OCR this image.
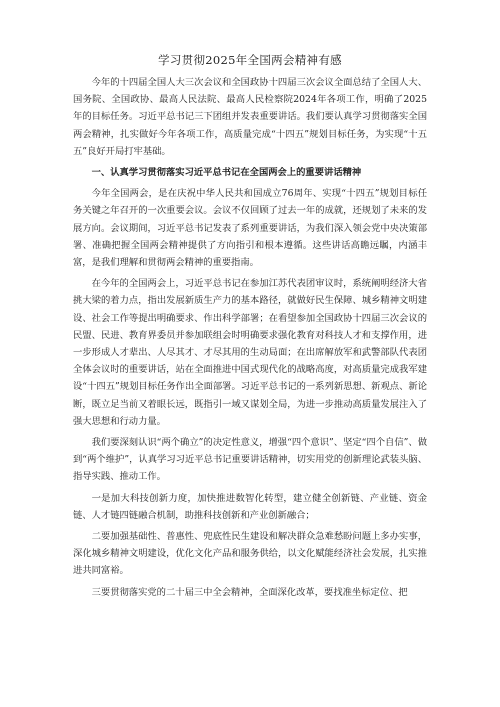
学习贯彻2025年全国两会精神有感

今年的十四届全国人大三次会议和全国政协十四届三次会议全面总结了全国人大、国务院、全国政协、最高人民法院、最高人民检察院2024年各项工作，明确了2025年的目标任务。习近平总书记三下团组并发表重要讲话。我们要认真学习贯彻落实全国两会精神，扎实做好今年各项工作，高质量完成“十四五”规划目标任务，为实现“十五五”良好开局打牢基础。

一、认真学习贯彻落实习近平总书记在全国两会上的重要讲话精神

今年全国两会，是在庆祝中华人民共和国成立76周年、实现“十四五”规划目标任务关键之年召开的一次重要会议。会议不仅回顾了过去一年的成就，还规划了未来的发展方向。会议期间，习近平总书记发表了系列重要讲话，为我们深入领会党中央决策部署、准确把握全国两会精神提供了方向指引和根本遵循。这些讲话高瞻远瞩，内涵丰富，是我们理解和贯彻两会精神的重要指南。

在今年的全国两会上，习近平总书记在参加江苏代表团审议时，系统阐明经济大省挑大梁的着力点，指出发展新质生产力的基本路径，就做好民生保障、城乡精神文明建设、社会工作等提出明确要求、作出科学部署；在看望参加全国政协十四届三次会议的民盟、民进、教育界委员并参加联组会时明确要求强化教育对科技人才和支撑作用，进一步形成人才辈出、人尽其才、才尽其用的生动局面；在出席解放军和武警部队代表团全体会议时的重要讲话，站在全面推进中国式现代化的战略高度，对高质量完成我军建设“十四五”规划目标任务作出全面部署。习近平总书记的一系列新思想、新观点、新论断，既立足当前又着眼长远，既指引一域又谋划全局，为进一步推动高质量发展注入了强大思想和行动力量。

我们要深刻认识“两个确立”的决定性意义，增强“四个意识”、坚定“四个自信”、做到“两个维护”，认真学习习近平总书记重要讲话精神，切实用党的创新理论武装头脑、指导实践、推动工作。

一是加大科技创新力度，加快推进数智化转型，建立健全创新链、产业链、资金链、人才链四链融合机制，助推科技创新和产业创新融合；

二要加强基础性、普惠性、兜底性民生建设和解决群众急难愁盼问题上多办实事，深化城乡精神文明建设，优化文化产品和服务供给，以文化赋能经济社会发展，扎实推进共同富裕。

三要贯彻落实党的二十届三中全会精神，全面深化改革，要找准坐标定位、把
